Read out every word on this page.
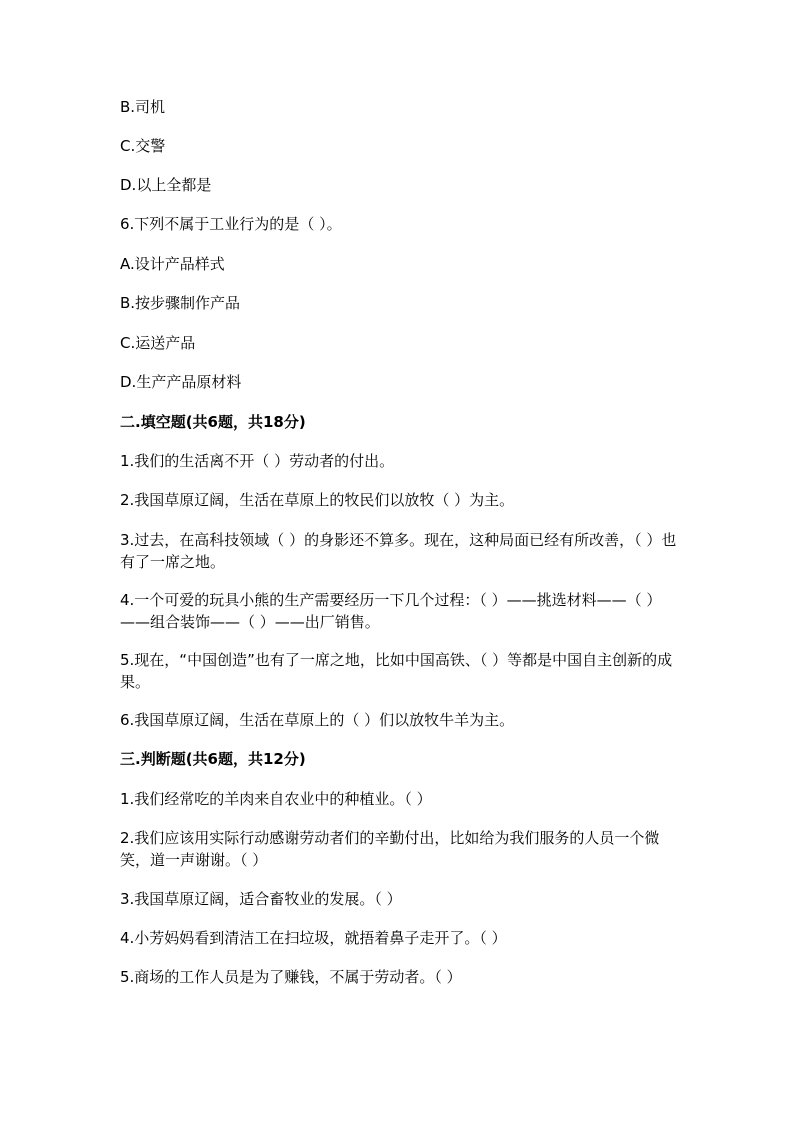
B.司机
C.交警
D.以上全都是
6.下列不属于工业行为的是（ ）。
A.设计产品样式
B.按步骤制作产品
C.运送产品
D.生产产品原材料
二.填空题(共6题，共18分)
1.我们的生活离不开（ ）劳动者的付出。
2.我国草原辽阔，生活在草原上的牧民们以放牧（ ）为主。
3.过去，在高科技领域（ ）的身影还不算多。现在，这种局面已经有所改善，（ ）也有了一席之地。
4.一个可爱的玩具小熊的生产需要经历一下几个过程：（ ）——挑选材料——（ ）——组合装饰——（ ）——出厂销售。
5.现在，“中国创造”也有了一席之地，比如中国高铁、（ ）等都是中国自主创新的成果。
6.我国草原辽阔，生活在草原上的（ ）们以放牧牛羊为主。
三.判断题(共6题，共12分)
1.我们经常吃的羊肉来自农业中的种植业。（ ）
2.我们应该用实际行动感谢劳动者们的辛勤付出，比如给为我们服务的人员一个微笑，道一声谢谢。（ ）
3.我国草原辽阔，适合畜牧业的发展。（ ）
4.小芳妈妈看到清洁工在扫垃圾，就捂着鼻子走开了。（ ）
5.商场的工作人员是为了赚钱，不属于劳动者。（ ）
